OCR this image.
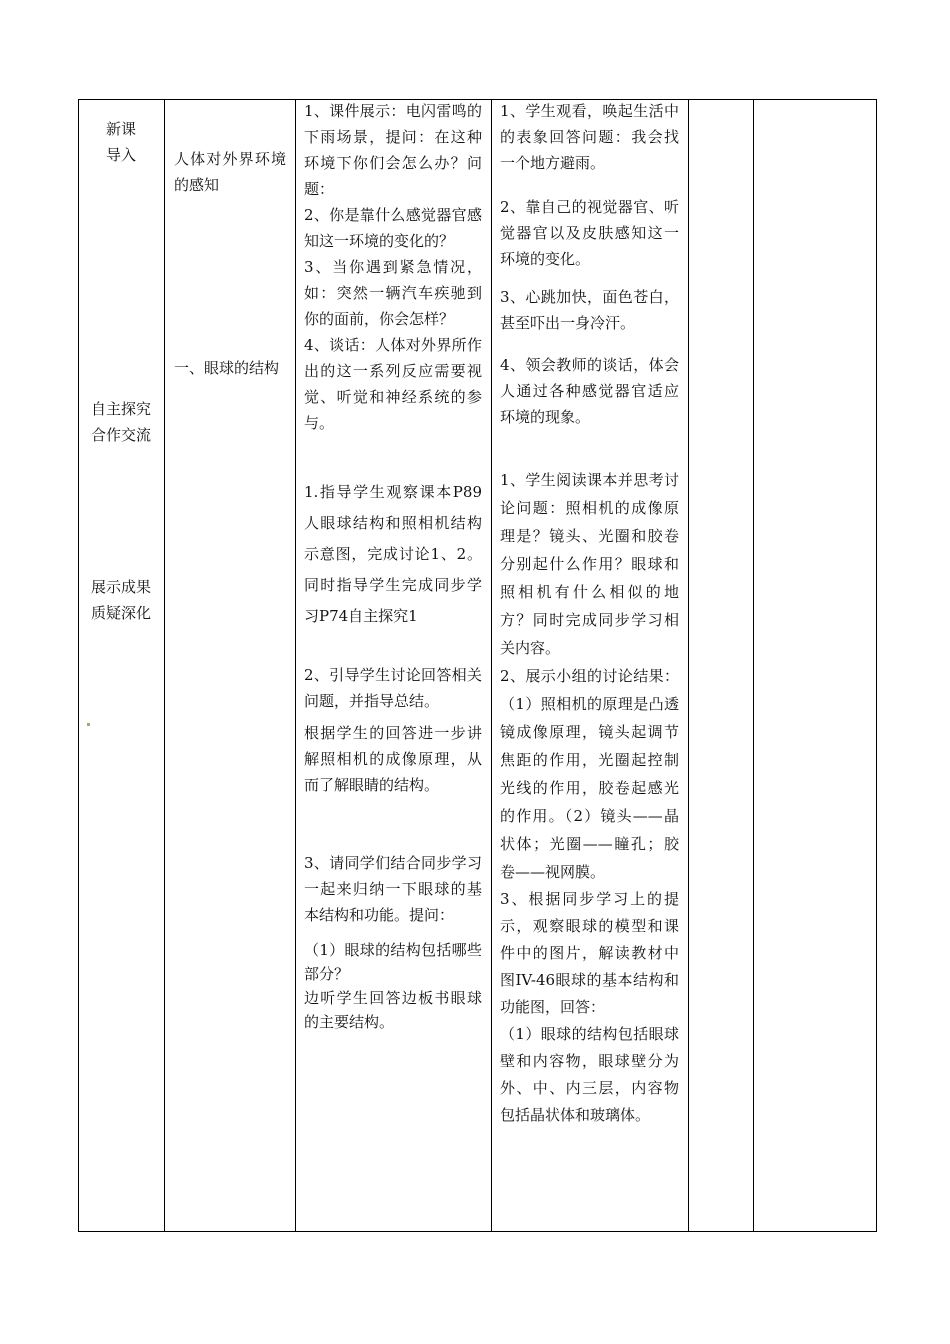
新课
导入
自主探究
合作交流
展示成果
质疑深化

人体对外界环境的感知

一、眼球的结构

1、课件展示：电闪雷鸣的下雨场景，提问：在这种环境下你们会怎么办？问题：

2、你是靠什么感觉器官感知这一环境的变化的？

3、当你遇到紧急情况，如：突然一辆汽车疾驰到你的面前，你会怎样？

4、谈话：人体对外界所作出的这一系列反应需要视觉、听觉和神经系统的参与。

1.指导学生观察课本P89人眼球结构和照相机结构示意图，完成讨论1、2。同时指导学生完成同步学习P74自主探究1

2、引导学生讨论回答相关问题，并指导总结。

根据学生的回答进一步讲解照相机的成像原理，从而了解眼睛的结构。

3、请同学们结合同步学习一起来归纳一下眼球的基本结构和功能。提问：

（1）眼球的结构包括哪些部分？

边听学生回答边板书眼球的主要结构。

1、学生观看，唤起生活中的表象回答问题：我会找一个地方避雨。

2、靠自己的视觉器官、听觉器官以及皮肤感知这一环境的变化。

3、心跳加快，面色苍白，甚至吓出一身冷汗。

4、领会教师的谈话，体会人通过各种感觉器官适应环境的现象。

1、学生阅读课本并思考讨论问题：照相机的成像原理是？镜头、光圈和胶卷分别起什么作用？眼球和照相机有什么相似的地方？同时完成同步学习相关内容。

2、展示小组的讨论结果：（1）照相机的原理是凸透镜成像原理，镜头起调节焦距的作用，光圈起控制光线的作用，胶卷起感光的作用。（2）镜头——晶状体；光圈——瞳孔；胶卷——视网膜。

3、根据同步学习上的提示，观察眼球的模型和课件中的图片，解读教材中图IV-46眼球的基本结构和功能图，回答：

（1）眼球的结构包括眼球壁和内容物，眼球壁分为外、中、内三层，内容物包括晶状体和玻璃体。
